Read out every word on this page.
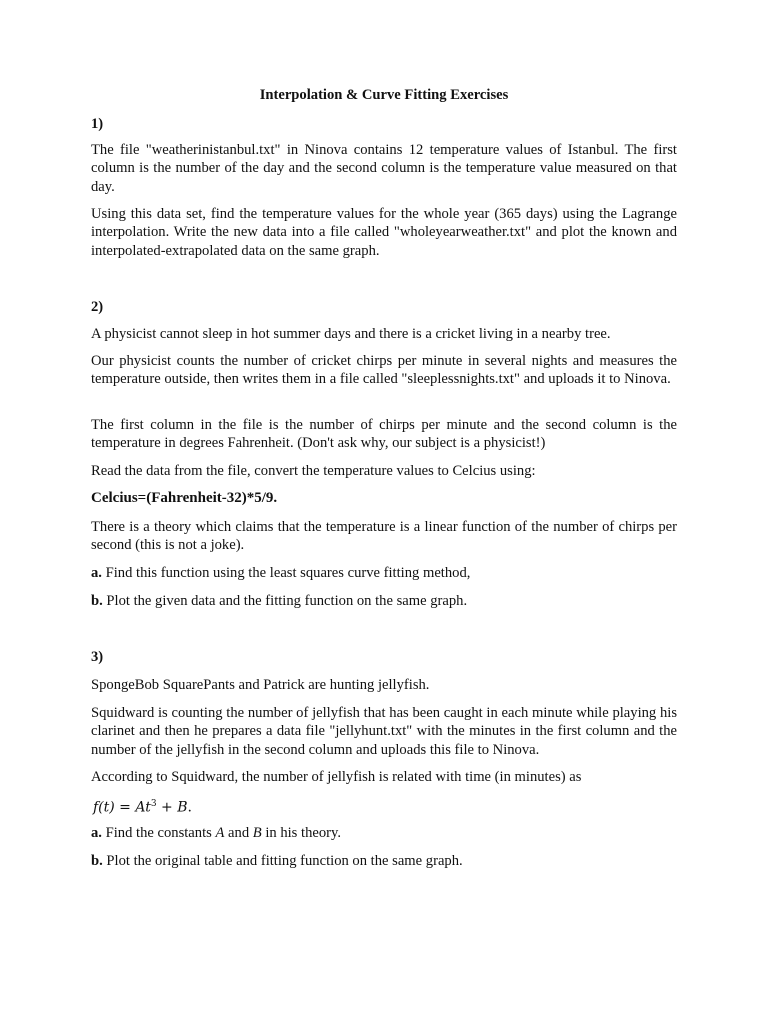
Interpolation & Curve Fitting Exercises
1)
The file "weatherinistanbul.txt" in Ninova contains 12 temperature values of Istanbul. The first column is the number of the day and the second column is the temperature value measured on that day.
Using this data set, find the temperature values for the whole year (365 days) using the Lagrange interpolation. Write the new data into a file called "wholeyearweather.txt" and plot the known and interpolated-extrapolated data on the same graph.
2)
A physicist cannot sleep in hot summer days and there is a cricket living in a nearby tree.
Our physicist counts the number of cricket chirps per minute in several nights and measures the temperature outside, then writes them in a file called "sleeplessnights.txt" and uploads it to Ninova.
The first column in the file is the number of chirps per minute and the second column is the temperature in degrees Fahrenheit. (Don't ask why, our subject is a physicist!)
Read the data from the file, convert the temperature values to Celcius using:
Celcius=(Fahrenheit-32)*5/9.
There is a theory which claims that the temperature is a linear function of the number of chirps per second (this is not a joke).
a. Find this function using the least squares curve fitting method,
b. Plot the given data and the fitting function on the same graph.
3)
SpongeBob SquarePants and Patrick are hunting jellyfish.
Squidward is counting the number of jellyfish that has been caught in each minute while playing his clarinet and then he prepares a data file "jellyhunt.txt" with the minutes in the first column and the number of the jellyfish in the second column and uploads this file to Ninova.
According to Squidward, the number of jellyfish is related with time (in minutes) as
$f(t) = At^3 + B$.
a. Find the constants A and B in his theory.
b. Plot the original table and fitting function on the same graph.
